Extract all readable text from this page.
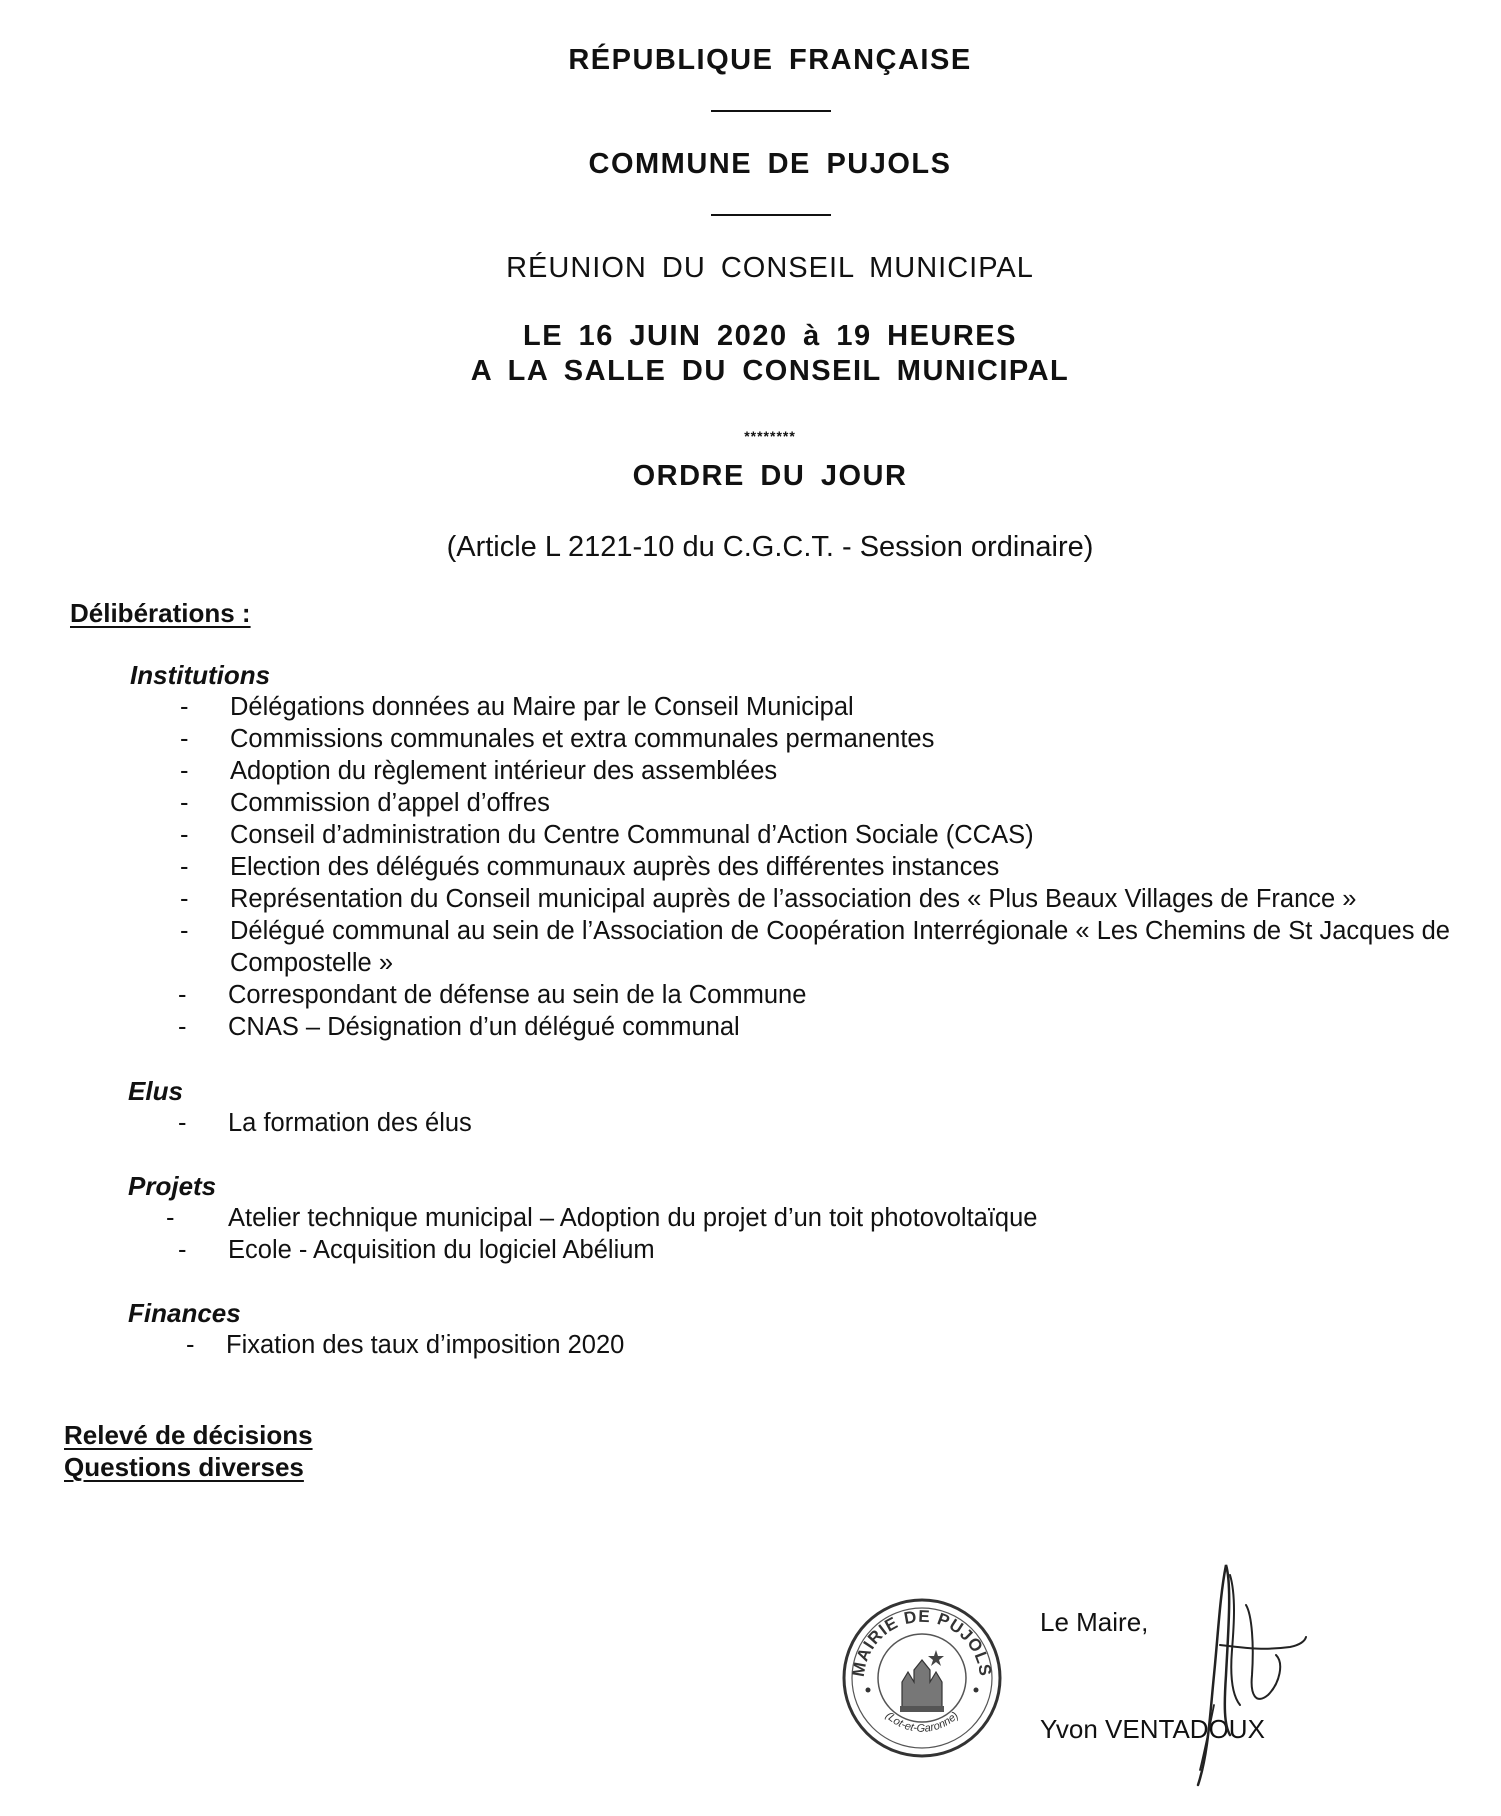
RÉPUBLIQUE FRANÇAISE
COMMUNE DE PUJOLS
RÉUNION DU CONSEIL MUNICIPAL
LE 16 JUIN 2020 à 19 HEURES
A LA SALLE DU CONSEIL MUNICIPAL
********
ORDRE DU JOUR
(Article L 2121-10 du C.G.C.T. - Session ordinaire)
Délibérations :
Institutions
- Délégations données au Maire par le Conseil Municipal
- Commissions communales et extra communales permanentes
- Adoption du règlement intérieur des assemblées
- Commission d’appel d’offres
- Conseil d’administration du Centre Communal d’Action Sociale (CCAS)
- Election des délégués communaux auprès des différentes instances
- Représentation du Conseil municipal auprès de l’association des « Plus Beaux Villages de France »
- Délégué communal au sein de l’Association de Coopération Interrégionale « Les Chemins de St Jacques de Compostelle »
- Correspondant de défense au sein de la Commune
- CNAS – Désignation d’un délégué communal
Elus
- La formation des élus
Projets
- Atelier technique municipal – Adoption du projet d’un toit photovoltaïque
- Ecole - Acquisition du logiciel Abélium
Finances
- Fixation des taux d’imposition 2020
Relevé de décisions
Questions diverses
MAIRIE DE PUJOLS
(Lot-et-Garonne)
Le Maire,
Yvon VENTADOUX
